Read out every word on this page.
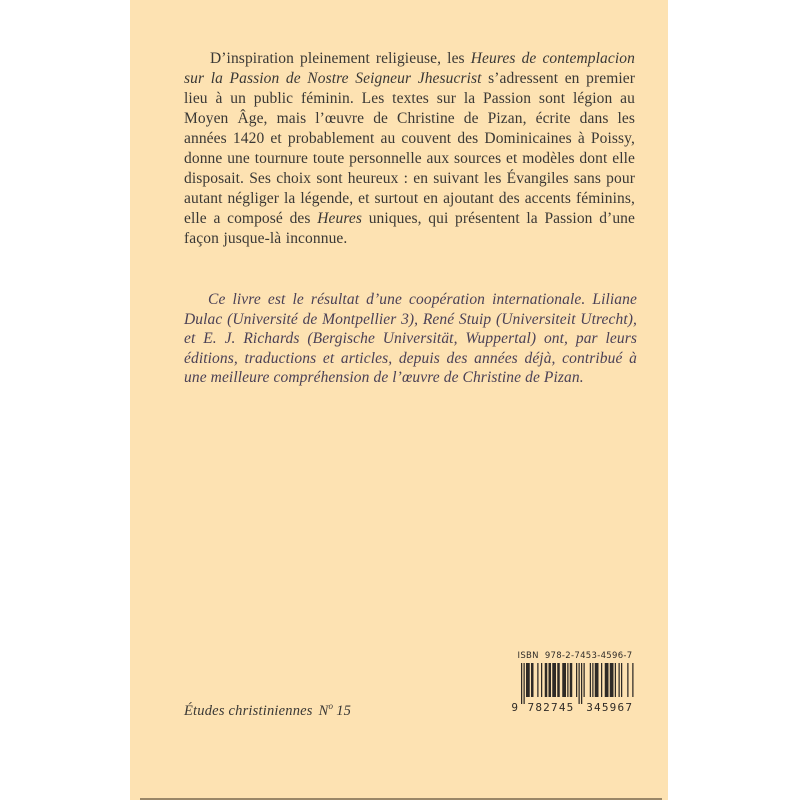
D’inspiration pleinement religieuse, les Heures de contemplacion sur la Passion de Nostre Seigneur Jhesucrist s’adressent en premier lieu à un public féminin. Les textes sur la Passion sont légion au Moyen Âge, mais l’œuvre de Christine de Pizan, écrite dans les années 1420 et probablement au couvent des Dominicaines à Poissy, donne une tournure toute personnelle aux sources et modèles dont elle disposait. Ses choix sont heureux : en suivant les Évangiles sans pour autant négliger la légende, et surtout en ajoutant des accents féminins, elle a composé des Heures uniques, qui présentent la Passion d’une façon jusque-là inconnue.

Ce livre est le résultat d’une coopération internationale. Liliane Dulac (Université de Montpellier 3), René Stuip (Universiteit Utrecht), et E. J. Richards (Bergische Universität, Wuppertal) ont, par leurs éditions, traductions et articles, depuis des années déjà, contribué à une meilleure compréhension de l’œuvre de Christine de Pizan.

Études christiniennes $N^o$ 15

ISBN 978-2-7453-4596-7
9 782745 345967
